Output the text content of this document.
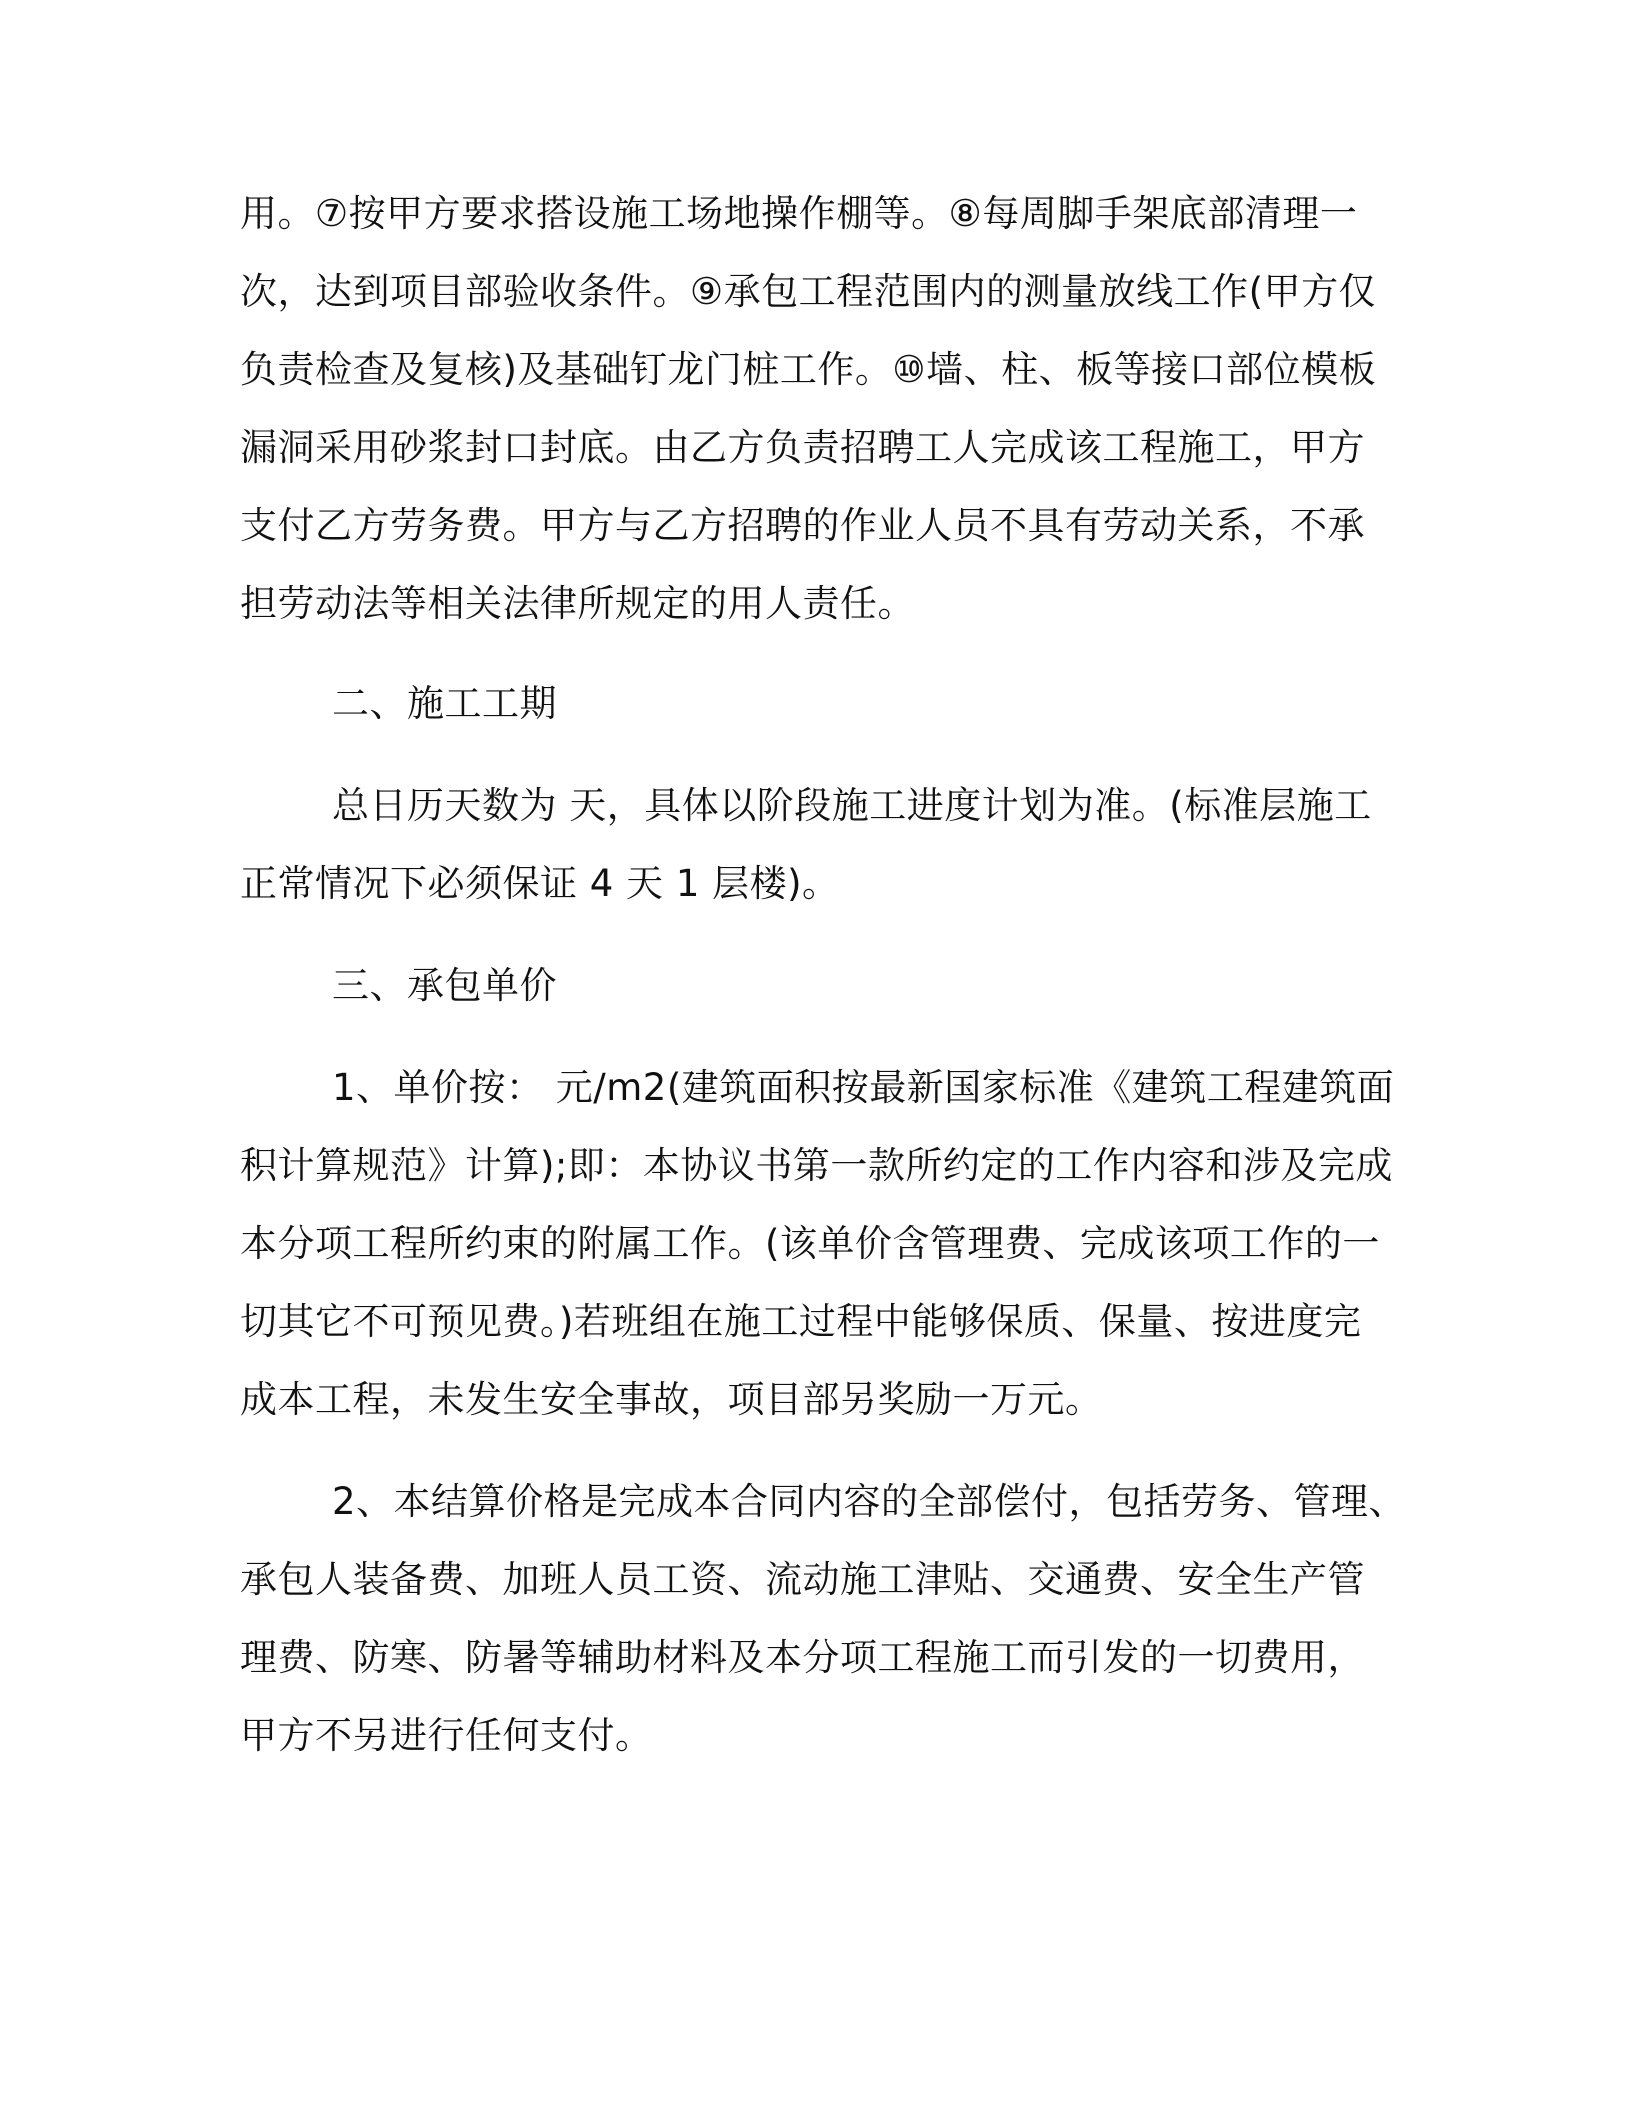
用。⑦按甲方要求搭设施工场地操作棚等。⑧每周脚手架底部清理一
次，达到项目部验收条件。⑨承包工程范围内的测量放线工作(甲方仅
负责检查及复核)及基础钉龙门桩工作。⑩墙、柱、板等接口部位模板
漏洞采用砂浆封口封底。由乙方负责招聘工人完成该工程施工，甲方
支付乙方劳务费。甲方与乙方招聘的作业人员不具有劳动关系，不承
担劳动法等相关法律所规定的用人责任。
二、施工工期
总日历天数为 天，具体以阶段施工进度计划为准。(标准层施工
正常情况下必须保证 4 天 1 层楼)。
三、承包单价
1、单价按： 元/m2(建筑面积按最新国家标准《建筑工程建筑面
积计算规范》计算);即：本协议书第一款所约定的工作内容和涉及完成
本分项工程所约束的附属工作。(该单价含管理费、完成该项工作的一
切其它不可预见费。)若班组在施工过程中能够保质、保量、按进度完
成本工程，未发生安全事故，项目部另奖励一万元。
2、本结算价格是完成本合同内容的全部偿付，包括劳务、管理、
承包人装备费、加班人员工资、流动施工津贴、交通费、安全生产管
理费、防寒、防暑等辅助材料及本分项工程施工而引发的一切费用，
甲方不另进行任何支付。
